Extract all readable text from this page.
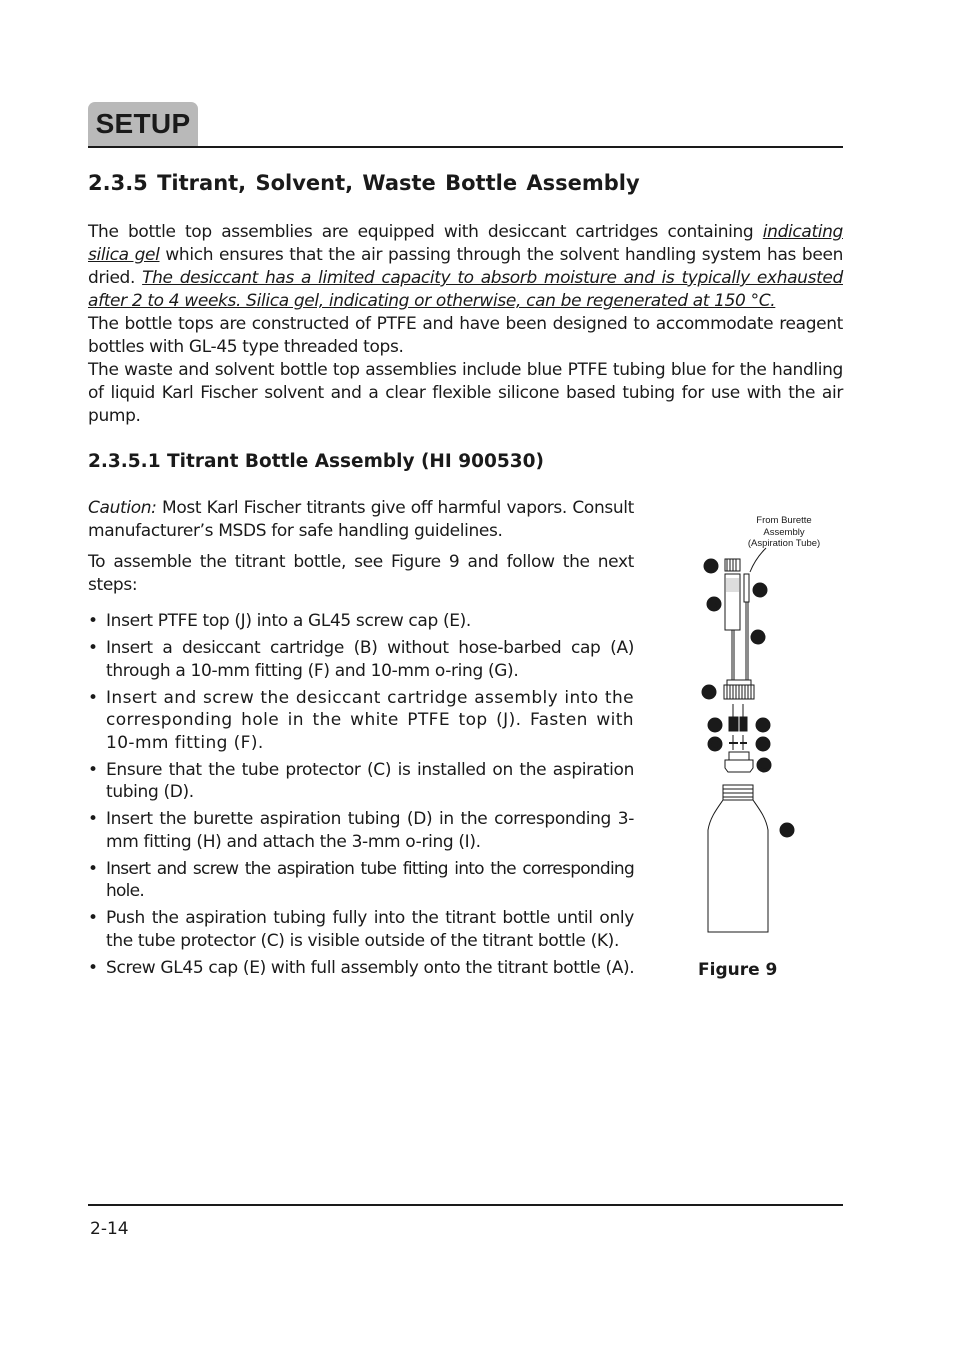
SETUP
2.3.5 Titrant, Solvent, Waste Bottle Assembly

The bottle top assemblies are equipped with desiccant cartridges containing indicating silica gel which ensures that the air passing through the solvent handling system has been dried. The desiccant has a limited capacity to absorb moisture and is typically exhausted after 2 to 4 weeks. Silica gel, indicating or otherwise, can be regenerated at 150 °C.

The bottle tops are constructed of PTFE and have been designed to accommodate reagent bottles with GL-45 type threaded tops.

The waste and solvent bottle top assemblies include blue PTFE tubing blue for the handling of liquid Karl Fischer solvent and a clear flexible silicone based tubing for use with the air pump.

2.3.5.1 Titrant Bottle Assembly (HI 900530)

Caution: Most Karl Fischer titrants give off harmful vapors. Consult manufacturer’s MSDS for safe handling guidelines.

To assemble the titrant bottle, see Figure 9 and follow the next steps:

• Insert PTFE top (J) into a GL45 screw cap (E).
• Insert a desiccant cartridge (B) without hose-barbed cap (A) through a 10-mm fitting (F) and 10-mm o-ring (G).
• Insert and screw the desiccant cartridge assembly into the corresponding hole in the white PTFE top (J). Fasten with 10-mm fitting (F).
• Ensure that the tube protector (C) is installed on the aspiration tubing (D).
• Insert the burette aspiration tubing (D) in the corresponding 3-mm fitting (H) and attach the 3-mm o-ring (I).
• Insert and screw the aspiration tube fitting into the corresponding hole.
• Push the aspiration tubing fully into the titrant bottle until only the tube protector (C) is visible outside of the titrant bottle (K).
• Screw GL45 cap (E) with full assembly onto the titrant bottle (A).
From Burette
Assembly
(Aspiration Tube)
A
B
C
D
E
F	H
G	I
J
K
Figure 9
2-14
